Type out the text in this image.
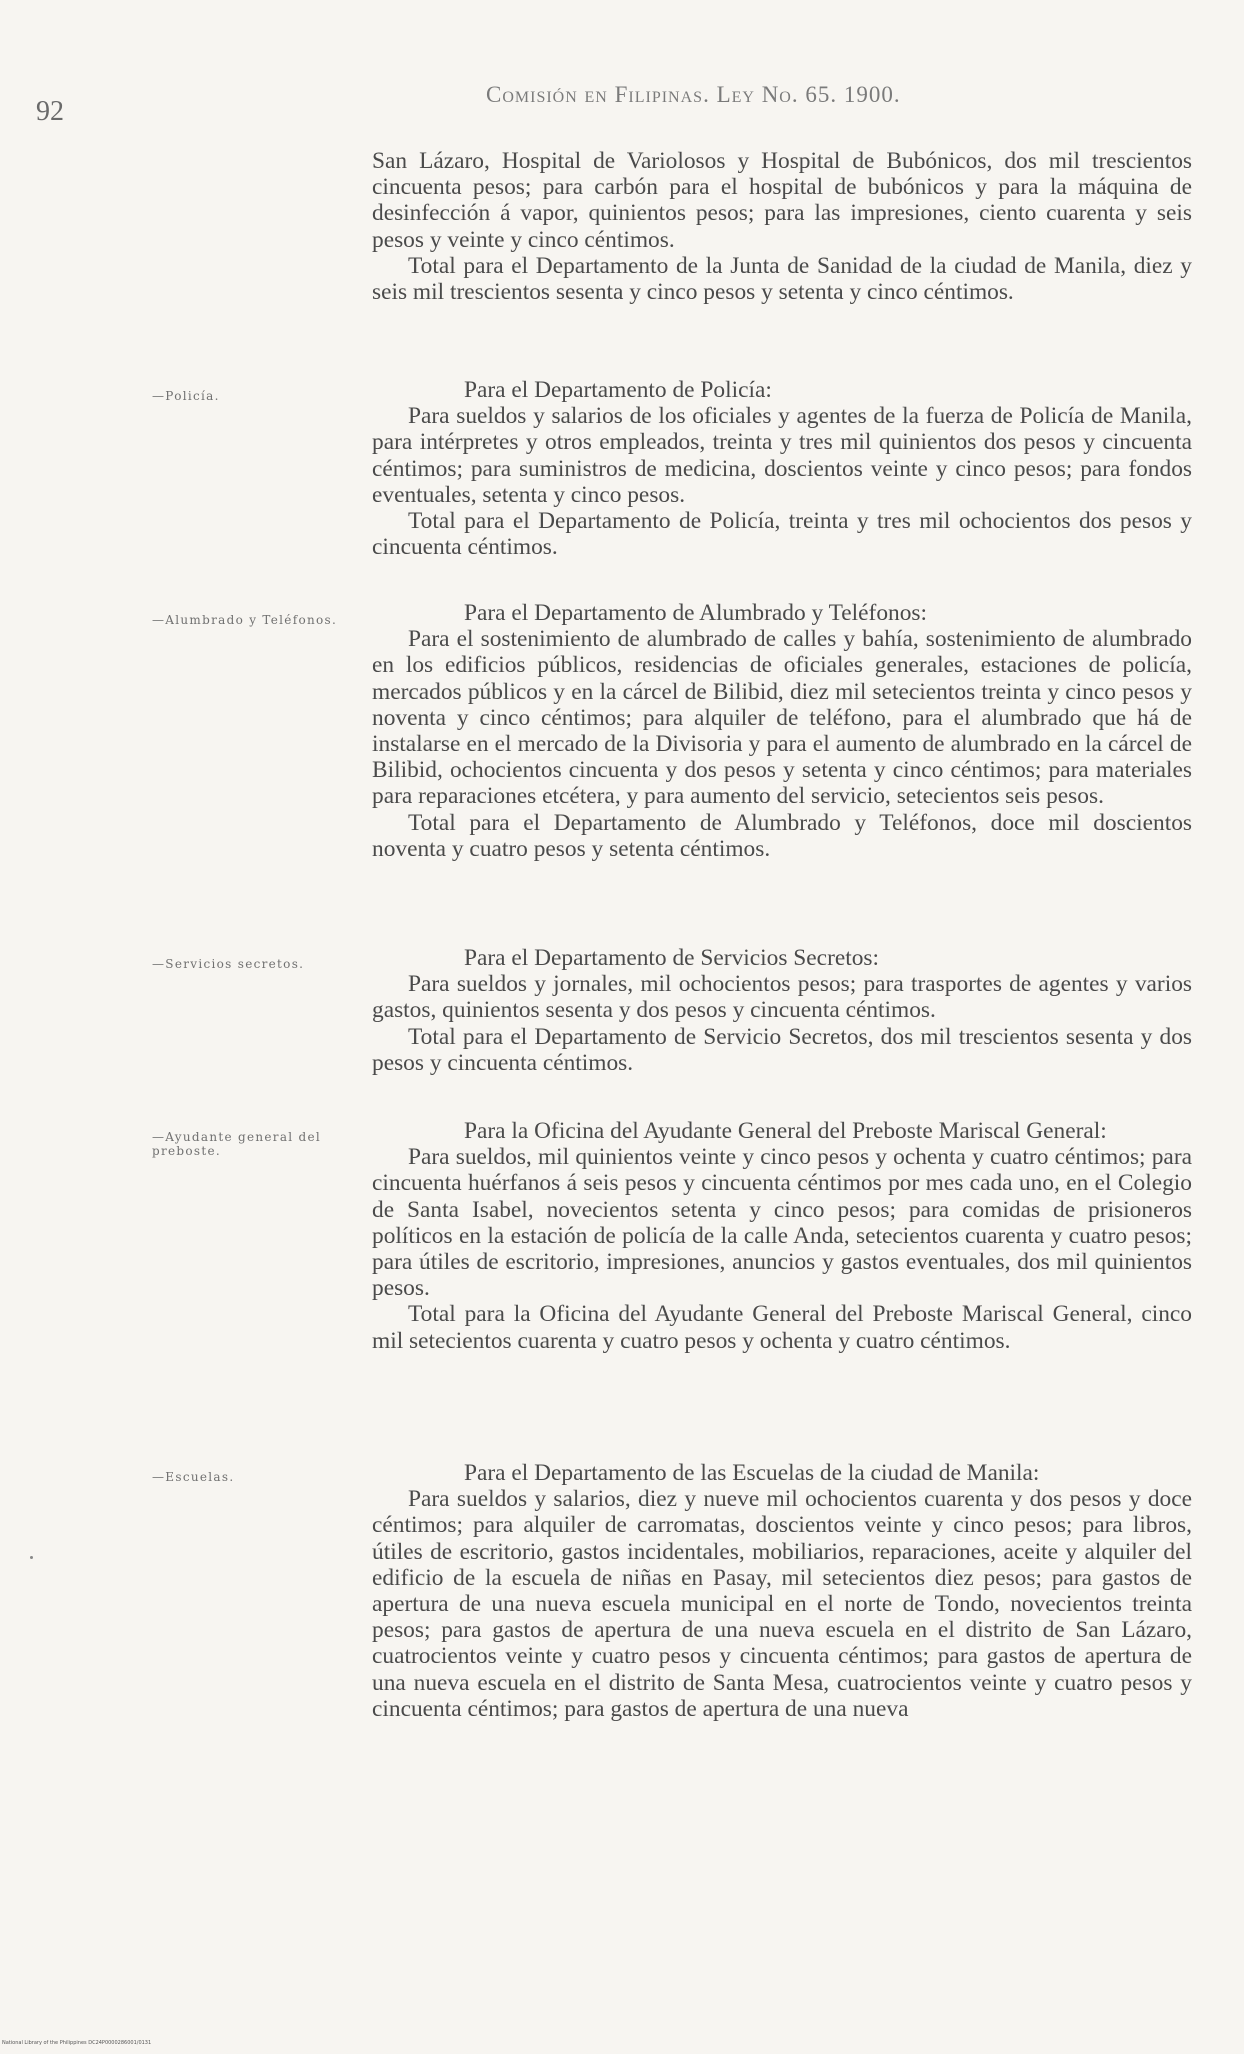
92
Comisión en Filipinas. Ley No. 65. 1900.

San Lázaro, Hospital de Variolosos y Hospital de Bubónicos, dos mil trescientos cincuenta pesos; para carbón para el hospital de bubónicos y para la máquina de desinfección á vapor, quinientos pesos; para las impresiones, ciento cuarenta y seis pesos y veinte y cinco céntimos.

Total para el Departamento de la Junta de Sanidad de la ciudad de Manila, diez y seis mil trescientos sesenta y cinco pesos y setenta y cinco céntimos.

—Policía.	Para el Departamento de Policía:

Para sueldos y salarios de los oficiales y agentes de la fuerza de Policía de Manila, para intérpretes y otros empleados, treinta y tres mil quinientos dos pesos y cincuenta céntimos; para suministros de medicina, doscientos veinte y cinco pesos; para fondos eventuales, setenta y cinco pesos.

Total para el Departamento de Policía, treinta y tres mil ochocientos dos pesos y cincuenta céntimos.

—Alumbrado y Teléfonos.	Para el Departamento de Alumbrado y Teléfonos:

Para el sostenimiento de alumbrado de calles y bahía, sostenimiento de alumbrado en los edificios públicos, residencias de oficiales generales, estaciones de policía, mercados públicos y en la cárcel de Bilibid, diez mil setecientos treinta y cinco pesos y noventa y cinco céntimos; para alquiler de teléfono, para el alumbrado que há de instalarse en el mercado de la Divisoria y para el aumento de alumbrado en la cárcel de Bilibid, ochocientos cincuenta y dos pesos y setenta y cinco céntimos; para materiales para reparaciones etcétera, y para aumento del servicio, setecientos seis pesos.

Total para el Departamento de Alumbrado y Teléfonos, doce mil doscientos noventa y cuatro pesos y setenta céntimos.

—Servicios secretos.	Para el Departamento de Servicios Secretos:

Para sueldos y jornales, mil ochocientos pesos; para trasportes de agentes y varios gastos, quinientos sesenta y dos pesos y cincuenta céntimos.

Total para el Departamento de Servicio Secretos, dos mil trescientos sesenta y dos pesos y cincuenta céntimos.

—Ayudante general del preboste.

Para la Oficina del Ayudante General del Preboste Mariscal General:

Para sueldos, mil quinientos veinte y cinco pesos y ochenta y cuatro céntimos; para cincuenta huérfanos á seis pesos y cincuenta céntimos por mes cada uno, en el Colegio de Santa Isabel, novecientos setenta y cinco pesos; para comidas de prisioneros políticos en la estación de policía de la calle Anda, setecientos cuarenta y cuatro pesos; para útiles de escritorio, impresiones, anuncios y gastos eventuales, dos mil quinientos pesos.

Total para la Oficina del Ayudante General del Preboste Mariscal General, cinco mil setecientos cuarenta y cuatro pesos y ochenta y cuatro céntimos.

—Escuelas.	Para el Departamento de las Escuelas de la ciudad de Manila:

Para sueldos y salarios, diez y nueve mil ochocientos cuarenta y dos pesos y doce céntimos; para alquiler de carromatas, doscientos veinte y cinco pesos; para libros, útiles de escritorio, gastos incidentales, mobiliarios, reparaciones, aceite y alquiler del edificio de la escuela de niñas en Pasay, mil setecientos diez pesos; para gastos de apertura de una nueva escuela municipal en el norte de Tondo, novecientos treinta pesos; para gastos de apertura de una nueva escuela en el distrito de San Lázaro, cuatrocientos veinte y cuatro pesos y cincuenta céntimos; para gastos de apertura de una nueva escuela en el distrito de Santa Mesa, cuatrocientos veinte y cuatro pesos y cincuenta céntimos; para gastos de apertura de una nueva

National Library of the Philippines DC24P0000286001/0131
